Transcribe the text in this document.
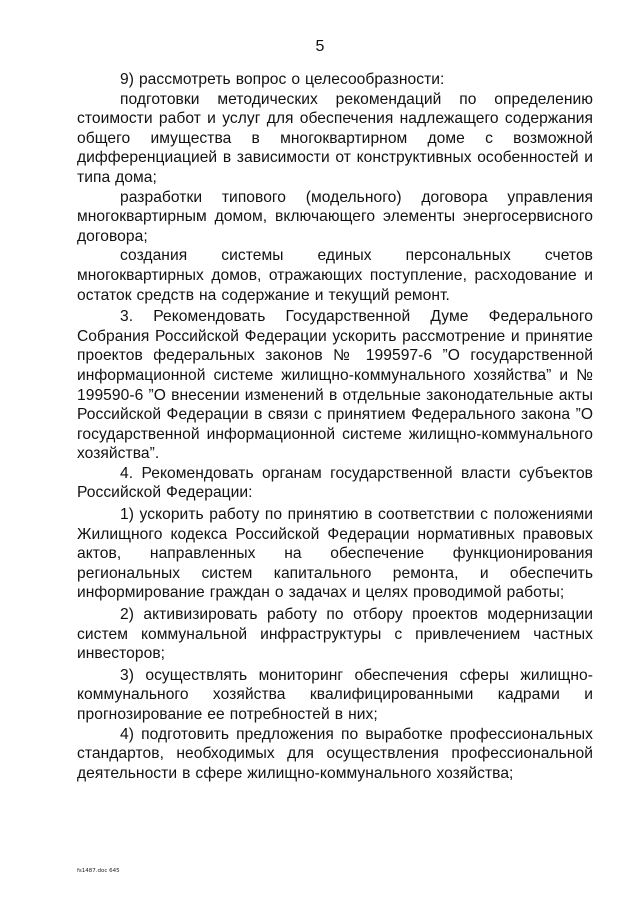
5

9) рассмотреть вопрос о целесообразности:

подготовки методических рекомендаций по определению стоимости работ и услуг для обеспечения надлежащего содержания общего имущества в многоквартирном доме с возможной дифференциацией в зависимости от конструктивных особенностей и типа дома;

разработки типового (модельного) договора управления многоквартирным домом, включающего элементы энергосервисного договора;

создания системы единых персональных счетов многоквартирных домов, отражающих поступление, расходование и остаток средств на содержание и текущий ремонт.

3. Рекомендовать Государственной Думе Федерального Собрания Российской Федерации ускорить рассмотрение и принятие проектов федеральных законов № 199597-6 ”О государственной информационной системе жилищно-коммунального хозяйства” и № 199590-6 ”О внесении изменений в отдельные законодательные акты Российской Федерации в связи с принятием Федерального закона ”О государственной информационной системе жилищно-коммунального хозяйства”.

4. Рекомендовать органам государственной власти субъектов Российской Федерации:

1) ускорить работу по принятию в соответствии с положениями Жилищного кодекса Российской Федерации нормативных правовых актов, направленных на обеспечение функционирования региональных систем капитального ремонта, и обеспечить информирование граждан о задачах и целях проводимой работы;

2) активизировать работу по отбору проектов модернизации систем коммунальной инфраструктуры с привлечением частных инвесторов;

3) осуществлять мониторинг обеспечения сферы жилищно-коммунального хозяйства квалифицированными кадрами и прогнозирование ее потребностей в них;

4) подготовить предложения по выработке профессиональных стандартов, необходимых для осуществления профессиональной деятельности в сфере жилищно-коммунального хозяйства;

fs1487.doc 645
